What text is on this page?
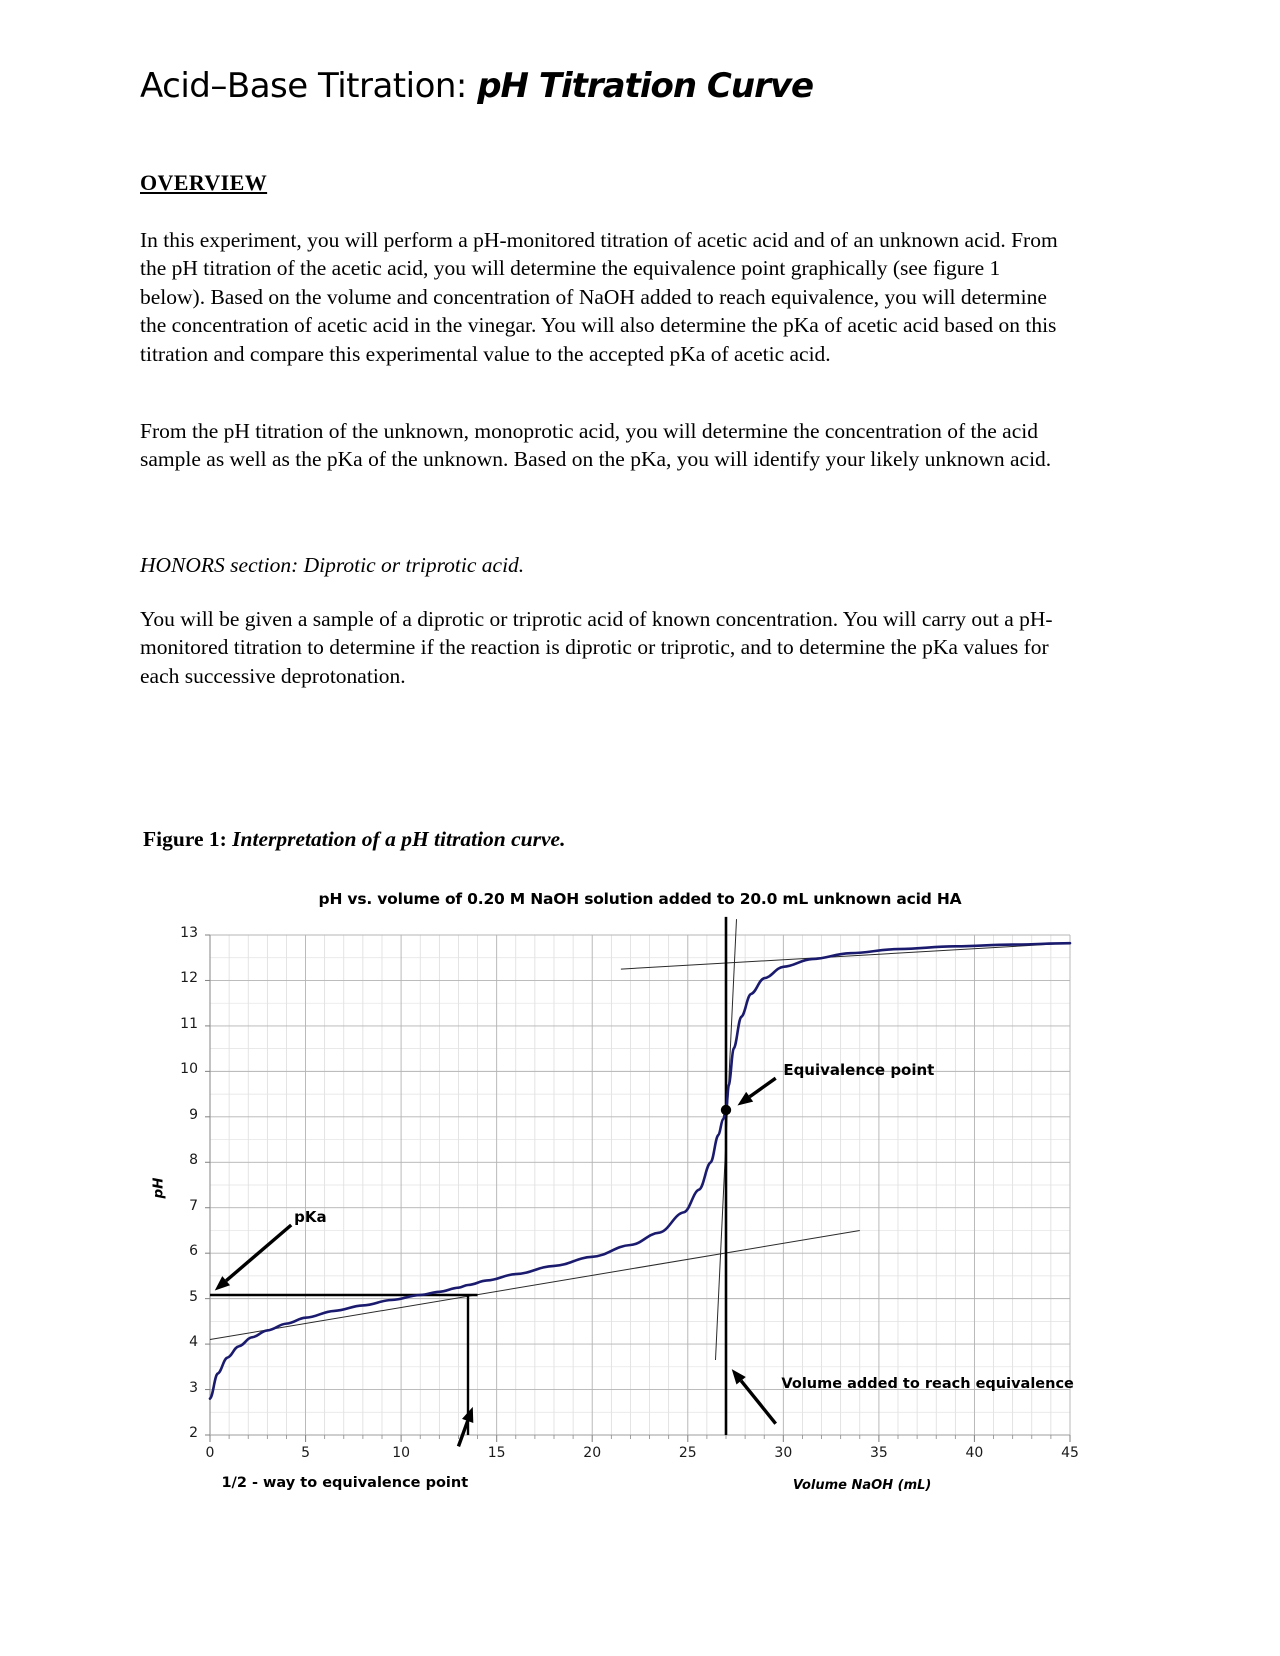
Acid–Base Titration: pH Titration Curve
OVERVIEW
In this experiment, you will perform a pH-monitored titration of acetic acid and of an unknown acid. From the pH titration of the acetic acid, you will determine the equivalence point graphically (see figure 1 below). Based on the volume and concentration of NaOH added to reach equivalence, you will determine the concentration of acetic acid in the vinegar. You will also determine the pKa of acetic acid based on this titration and compare this experimental value to the accepted pKa of acetic acid.
From the pH titration of the unknown, monoprotic acid, you will determine the concentration of the acid sample as well as the pKa of the unknown. Based on the pKa, you will identify your likely unknown acid.
HONORS section: Diprotic or triprotic acid.
You will be given a sample of a diprotic or triprotic acid of known concentration. You will carry out a pH-monitored titration to determine if the reaction is diprotic or triprotic, and to determine the pKa values for each successive deprotonation.
Figure 1: Interpretation of a pH titration curve.
pH vs. volume of 0.20 M NaOH solution added to 20.0 mL unknown acid HA
pH
Volume NaOH (mL)
2
3
4
5
6
7
8
9
10
11
12
13
0	5	10	15	20	25	30	35	40	45
Equivalence point
pKa
Volume added to reach equivalence
1/2 - way to equivalence point
